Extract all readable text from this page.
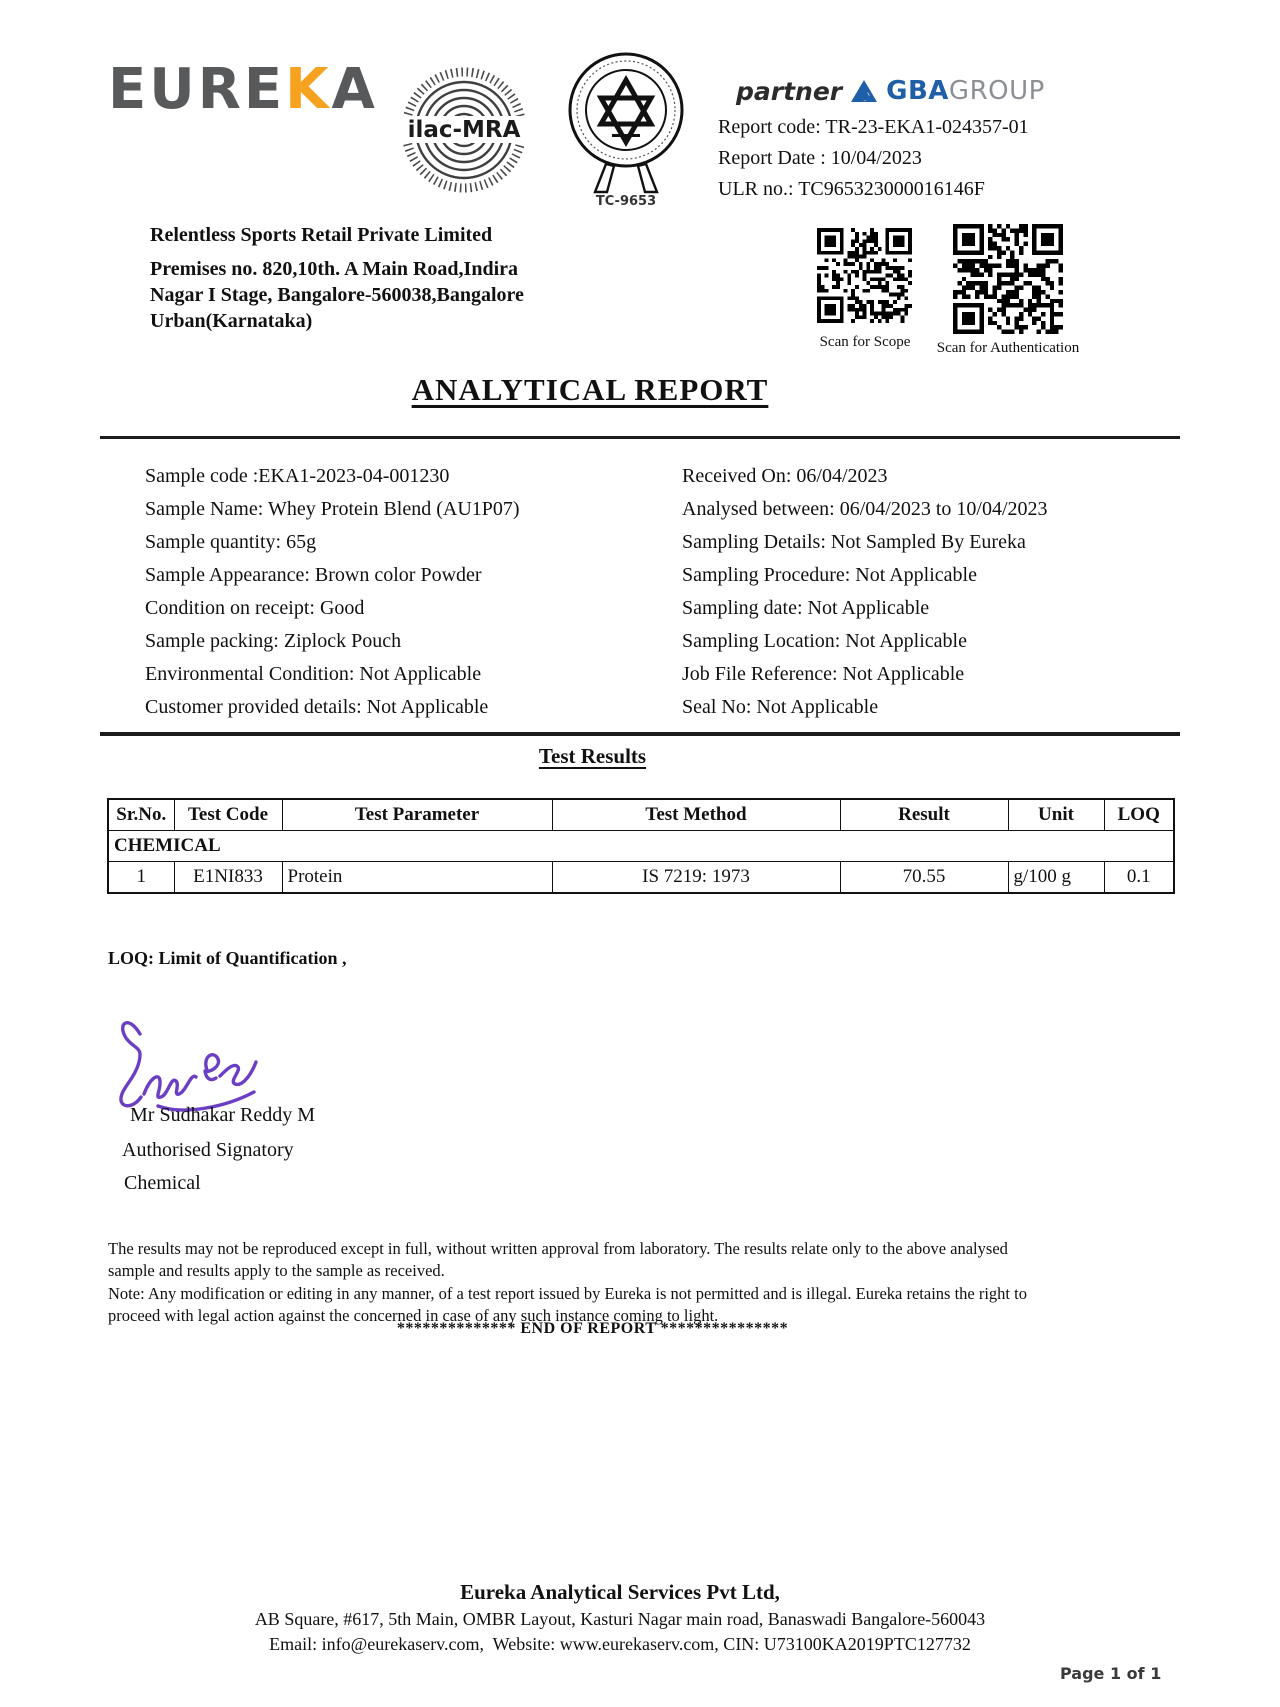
EUREKA
ilac-MRA
TC-9653
partner GBA GROUP
Report code: TR-23-EKA1-024357-01
Report Date : 10/04/2023
ULR no.: TC965323000016146F
Relentless Sports Retail Private Limited
Premises no. 820,10th. A Main Road,Indira Nagar I Stage, Bangalore-560038,Bangalore Urban(Karnataka)
Scan for Scope	Scan for Authentication
ANALYTICAL REPORT
Sample code :EKA1-2023-04-001230
Sample Name: Whey Protein Blend (AU1P07)
Sample quantity: 65g
Sample Appearance: Brown color Powder
Condition on receipt: Good
Sample packing: Ziplock Pouch
Environmental Condition: Not Applicable
Customer provided details: Not Applicable
Received On: 06/04/2023
Analysed between: 06/04/2023 to 10/04/2023
Sampling Details: Not Sampled By Eureka
Sampling Procedure: Not Applicable
Sampling date: Not Applicable
Sampling Location: Not Applicable
Job File Reference: Not Applicable
Seal No: Not Applicable
Test Results
Sr.No.	Test Code	Test Parameter	Test Method	Result	Unit	LOQ
CHEMICAL						
1	E1NI833	Protein	IS 7219: 1973	70.55	g/100 g	0.1
LOQ: Limit of Quantification ,
Mr Sudhakar Reddy M
Authorised Signatory
Chemical
The results may not be reproduced except in full, without written approval from laboratory. The results relate only to the above analysed sample and results apply to the sample as received.
Note: Any modification or editing in any manner, of a test report issued by Eureka is not permitted and is illegal. Eureka retains the right to proceed with legal action against the concerned in case of any such instance coming to light.
************** END OF REPORT ***************
Eureka Analytical Services Pvt Ltd,
AB Square, #617, 5th Main, OMBR Layout, Kasturi Nagar main road, Banaswadi Bangalore-560043
Email: info@eurekaserv.com,  Website: www.eurekaserv.com, CIN: U73100KA2019PTC127732
Page 1 of 1
